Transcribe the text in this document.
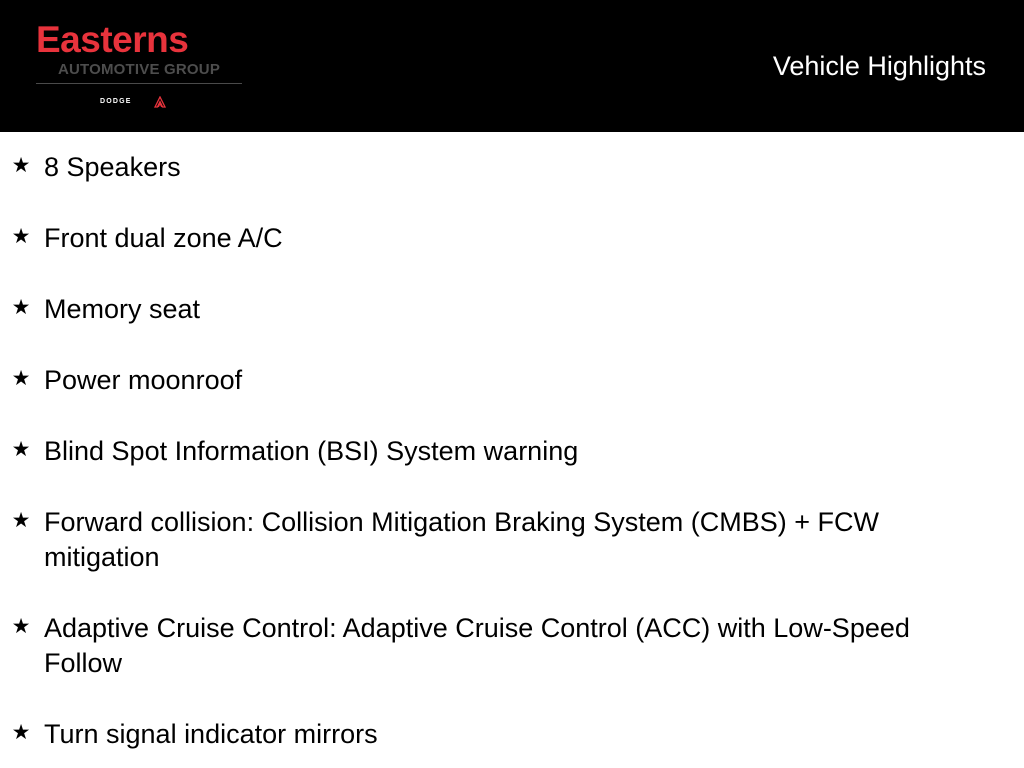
Easterns
AUTOMOTIVE GROUP
DODGE
Vehicle Highlights
★ 8 Speakers
★ Front dual zone A/C
★ Memory seat
★ Power moonroof
★ Blind Spot Information (BSI) System warning
★ Forward collision: Collision Mitigation Braking System (CMBS) + FCW mitigation
★ Adaptive Cruise Control: Adaptive Cruise Control (ACC) with Low-Speed Follow
★ Turn signal indicator mirrors
